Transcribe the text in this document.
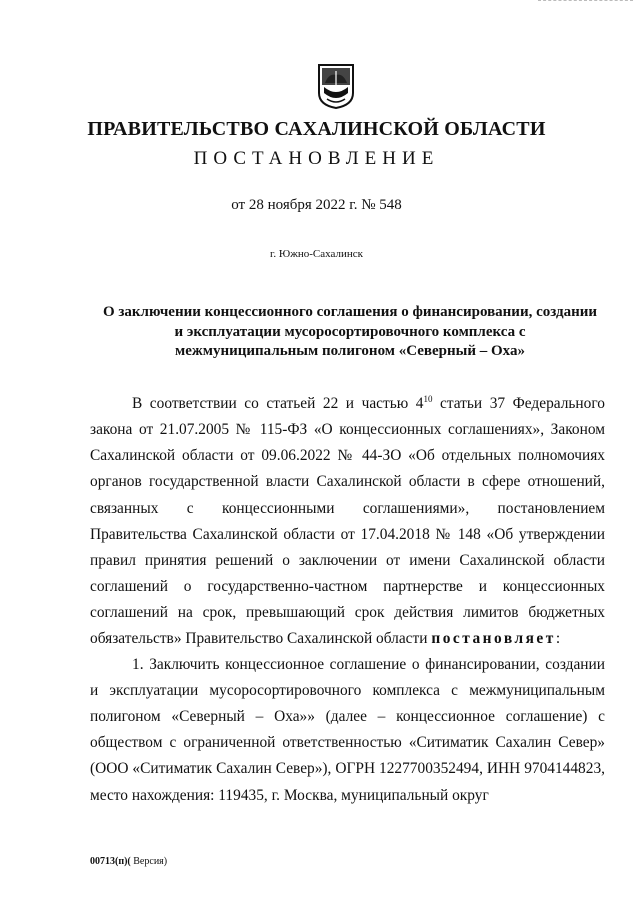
ПРАВИТЕЛЬСТВО САХАЛИНСКОЙ ОБЛАСТИ
ПОСТАНОВЛЕНИЕ
от 28 ноября 2022 г. № 548
г. Южно-Сахалинск
О заключении концессионного соглашения о финансировании, создании
и эксплуатации мусоросортировочного комплекса с
межмуниципальным полигоном «Северный – Оха»

В соответствии со статьей 22 и частью $4^{10}$ статьи 37 Федерального закона от 21.07.2005 № 115-ФЗ «О концессионных соглашениях», Законом Сахалинской области от 09.06.2022 № 44-ЗО «Об отдельных полномочиях органов государственной власти Сахалинской области в сфере отношений, связанных с концессионными соглашениями», постановлением Правительства Сахалинской области от 17.04.2018 № 148 «Об утверждении правил принятия решений о заключении от имени Сахалинской области соглашений о государственно-частном партнерстве и концессионных соглашений на срок, превышающий срок действия лимитов бюджетных обязательств» Правительство Сахалинской области постановляет:

1. Заключить концессионное соглашение о финансировании, создании и эксплуатации мусоросортировочного комплекса с межмуниципальным полигоном «Северный – Оха»» (далее – концессионное соглашение) с обществом с ограниченной ответственностью «Ситиматик Сахалин Север» (ООО «Ситиматик Сахалин Север»), ОГРН 1227700352494, ИНН 9704144823, место нахождения: 119435, г. Москва, муниципальный округ

00713(п)( Версия)
